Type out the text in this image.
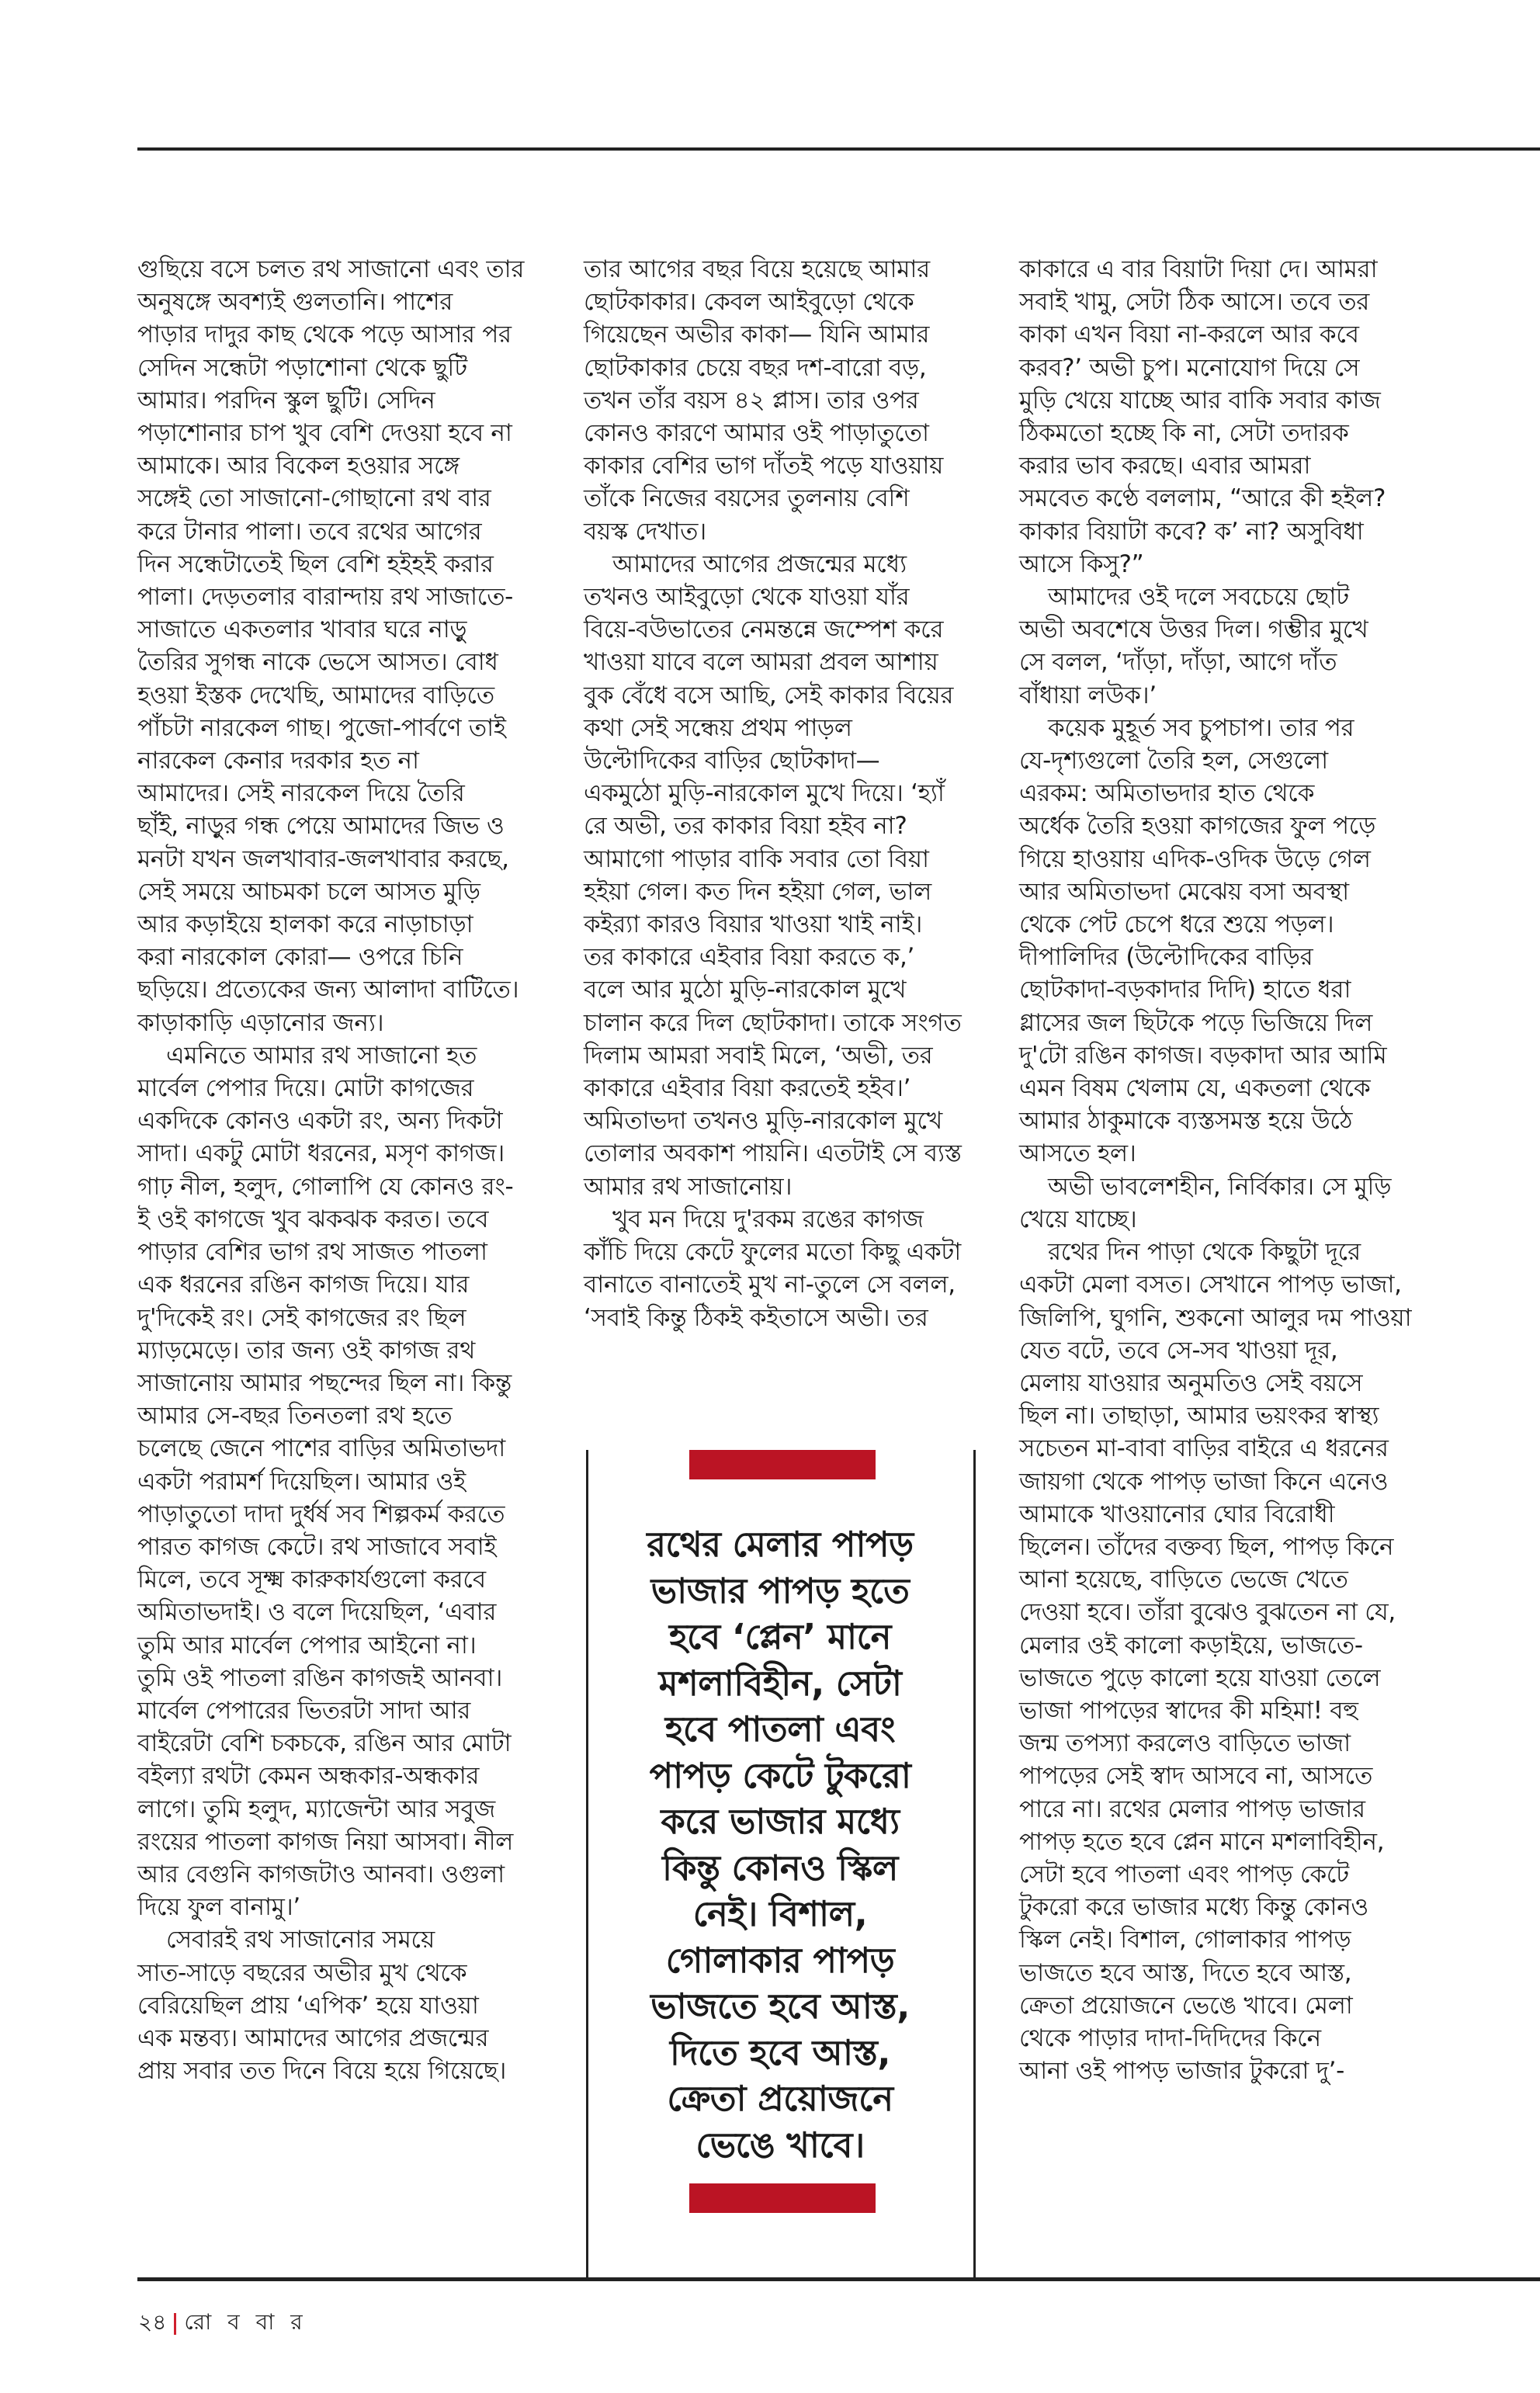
গুছিয়ে বসে চলত রথ সাজানো এবং তার
অনুষঙ্গে অবশ্যই গুলতানি। পাশের
পাড়ার দাদুর কাছ থেকে পড়ে আসার পর
সেদিন সন্ধেটা পড়াশোনা থেকে ছুটি
আমার। পরদিন স্কুল ছুটি। সেদিন
পড়াশোনার চাপ খুব বেশি দেওয়া হবে না
আমাকে। আর বিকেল হওয়ার সঙ্গে
সঙ্গেই তো সাজানো-গোছানো রথ বার
করে টানার পালা। তবে রথের আগের
দিন সন্ধেটাতেই ছিল বেশি হইহই করার
পালা। দেড়তলার বারান্দায় রথ সাজাতে-
সাজাতে একতলার খাবার ঘরে নাড়ু
তৈরির সুগন্ধ নাকে ভেসে আসত। বোধ
হওয়া ইস্তক দেখেছি, আমাদের বাড়িতে
পাঁচটা নারকেল গাছ। পুজো-পার্বণে তাই
নারকেল কেনার দরকার হত না
আমাদের। সেই নারকেল দিয়ে তৈরি
ছাঁই, নাড়ুর গন্ধ পেয়ে আমাদের জিভ ও
মনটা যখন জলখাবার-জলখাবার করছে,
সেই সময়ে আচমকা চলে আসত মুড়ি
আর কড়াইয়ে হালকা করে নাড়াচাড়া
করা নারকোল কোরা— ওপরে চিনি
ছড়িয়ে। প্রত্যেকের জন্য আলাদা বাটিতে।
কাড়াকাড়ি এড়ানোর জন্য।
এমনিতে আমার রথ সাজানো হত
মার্বেল পেপার দিয়ে। মোটা কাগজের
একদিকে কোনও একটা রং, অন্য দিকটা
সাদা। একটু মোটা ধরনের, মসৃণ কাগজ।
গাঢ় নীল, হলুদ, গোলাপি যে কোনও রং-
ই ওই কাগজে খুব ঝকঝক করত। তবে
পাড়ার বেশির ভাগ রথ সাজত পাতলা
এক ধরনের রঙিন কাগজ দিয়ে। যার
দু'দিকেই রং। সেই কাগজের রং ছিল
ম্যাড়মেড়ে। তার জন্য ওই কাগজ রথ
সাজানোয় আমার পছন্দের ছিল না। কিন্তু
আমার সে-বছর তিনতলা রথ হতে
চলেছে জেনে পাশের বাড়ির অমিতাভদা
একটা পরামর্শ দিয়েছিল। আমার ওই
পাড়াতুতো দাদা দুর্ধর্ষ সব শিল্পকর্ম করতে
পারত কাগজ কেটে। রথ সাজাবে সবাই
মিলে, তবে সূক্ষ্ম কারুকার্যগুলো করবে
অমিতাভদাই। ও বলে দিয়েছিল, ‘এবার
তুমি আর মার্বেল পেপার আইনো না।
তুমি ওই পাতলা রঙিন কাগজই আনবা।
মার্বেল পেপারের ভিতরটা সাদা আর
বাইরেটা বেশি চকচকে, রঙিন আর মোটা
বইল্যা রথটা কেমন অন্ধকার-অন্ধকার
লাগে। তুমি হলুদ, ম্যাজেন্টা আর সবুজ
রংয়ের পাতলা কাগজ নিয়া আসবা। নীল
আর বেগুনি কাগজটাও আনবা। ওগুলা
দিয়ে ফুল বানামু।’
সেবারই রথ সাজানোর সময়ে
সাত-সাড়ে বছরের অভীর মুখ থেকে
বেরিয়েছিল প্রায় ‘এপিক’ হয়ে যাওয়া
এক মন্তব্য। আমাদের আগের প্রজন্মের
প্রায় সবার তত দিনে বিয়ে হয়ে গিয়েছে।
তার আগের বছর বিয়ে হয়েছে আমার
ছোটকাকার। কেবল আইবুড়ো থেকে
গিয়েছেন অভীর কাকা— যিনি আমার
ছোটকাকার চেয়ে বছর দশ-বারো বড়,
তখন তাঁর বয়স ৪২ প্লাস। তার ওপর
কোনও কারণে আমার ওই পাড়াতুতো
কাকার বেশির ভাগ দাঁতই পড়ে যাওয়ায়
তাঁকে নিজের বয়সের তুলনায় বেশি
বয়স্ক দেখাত।
আমাদের আগের প্রজন্মের মধ্যে
তখনও আইবুড়ো থেকে যাওয়া যাঁর
বিয়ে-বউভাতের নেমন্তন্নে জম্পেশ করে
খাওয়া যাবে বলে আমরা প্রবল আশায়
বুক বেঁধে বসে আছি, সেই কাকার বিয়ের
কথা সেই সন্ধেয় প্রথম পাড়ল
উল্টোদিকের বাড়ির ছোটকাদা—
একমুঠো মুড়ি-নারকোল মুখে দিয়ে। ‘হ্যাঁ
রে অভী, তর কাকার বিয়া হইব না?
আমাগো পাড়ার বাকি সবার তো বিয়া
হইয়া গেল। কত দিন হইয়া গেল, ভাল
কইর‍্যা কারও বিয়ার খাওয়া খাই নাই।
তর কাকারে এইবার বিয়া করতে ক,’
বলে আর মুঠো মুড়ি-নারকোল মুখে
চালান করে দিল ছোটকাদা। তাকে সংগত
দিলাম আমরা সবাই মিলে, ‘অভী, তর
কাকারে এইবার বিয়া করতেই হইব।’
অমিতাভদা তখনও মুড়ি-নারকোল মুখে
তোলার অবকাশ পায়নি। এতটাই সে ব্যস্ত
আমার রথ সাজানোয়।
খুব মন দিয়ে দু'রকম রঙের কাগজ
কাঁচি দিয়ে কেটে ফুলের মতো কিছু একটা
বানাতে বানাতেই মুখ না-তুলে সে বলল,
‘সবাই কিন্তু ঠিকই কইতাসে অভী। তর
রথের মেলার পাপড়
ভাজার পাপড় হতে
হবে ‘প্লেন’ মানে
মশলাবিহীন, সেটা
হবে পাতলা এবং
পাপড় কেটে টুকরো
করে ভাজার মধ্যে
কিন্তু কোনও স্কিল
নেই। বিশাল,
গোলাকার পাপড়
ভাজতে হবে আস্ত,
দিতে হবে আস্ত,
ক্রেতা প্রয়োজনে
ভেঙে খাবে।
কাকারে এ বার বিয়াটা দিয়া দে। আমরা
সবাই খামু, সেটা ঠিক আসে। তবে তর
কাকা এখন বিয়া না-করলে আর কবে
করব?’ অভী চুপ। মনোযোগ দিয়ে সে
মুড়ি খেয়ে যাচ্ছে আর বাকি সবার কাজ
ঠিকমতো হচ্ছে কি না, সেটা তদারক
করার ভাব করছে। এবার আমরা
সমবেত কণ্ঠে বললাম, “আরে কী হইল?
কাকার বিয়াটা কবে? ক’ না? অসুবিধা
আসে কিসু?”
আমাদের ওই দলে সবচেয়ে ছোট
অভী অবশেষে উত্তর দিল। গম্ভীর মুখে
সে বলল, ‘দাঁড়া, দাঁড়া, আগে দাঁত
বাঁধায়া লউক।’
কয়েক মুহূর্ত সব চুপচাপ। তার পর
যে-দৃশ্যগুলো তৈরি হল, সেগুলো
এরকম: অমিতাভদার হাত থেকে
অর্ধেক তৈরি হওয়া কাগজের ফুল পড়ে
গিয়ে হাওয়ায় এদিক-ওদিক উড়ে গেল
আর অমিতাভদা মেঝেয় বসা অবস্থা
থেকে পেট চেপে ধরে শুয়ে পড়ল।
দীপালিদির (উল্টোদিকের বাড়ির
ছোটকাদা-বড়কাদার দিদি) হাতে ধরা
গ্লাসের জল ছিটকে পড়ে ভিজিয়ে দিল
দু'টো রঙিন কাগজ। বড়কাদা আর আমি
এমন বিষম খেলাম যে, একতলা থেকে
আমার ঠাকুমাকে ব্যস্তসমস্ত হয়ে উঠে
আসতে হল।
অভী ভাবলেশহীন, নির্বিকার। সে মুড়ি
খেয়ে যাচ্ছে।
রথের দিন পাড়া থেকে কিছুটা দূরে
একটা মেলা বসত। সেখানে পাপড় ভাজা,
জিলিপি, ঘুগনি, শুকনো আলুর দম পাওয়া
যেত বটে, তবে সে-সব খাওয়া দূর,
মেলায় যাওয়ার অনুমতিও সেই বয়সে
ছিল না। তাছাড়া, আমার ভয়ংকর স্বাস্থ্য
সচেতন মা-বাবা বাড়ির বাইরে এ ধরনের
জায়গা থেকে পাপড় ভাজা কিনে এনেও
আমাকে খাওয়ানোর ঘোর বিরোধী
ছিলেন। তাঁদের বক্তব্য ছিল, পাপড় কিনে
আনা হয়েছে, বাড়িতে ভেজে খেতে
দেওয়া হবে। তাঁরা বুঝেও বুঝতেন না যে,
মেলার ওই কালো কড়াইয়ে, ভাজতে-
ভাজতে পুড়ে কালো হয়ে যাওয়া তেলে
ভাজা পাপড়ের স্বাদের কী মহিমা! বহু
জন্ম তপস্যা করলেও বাড়িতে ভাজা
পাপড়ের সেই স্বাদ আসবে না, আসতে
পারে না। রথের মেলার পাপড় ভাজার
পাপড় হতে হবে প্লেন মানে মশলাবিহীন,
সেটা হবে পাতলা এবং পাপড় কেটে
টুকরো করে ভাজার মধ্যে কিন্তু কোনও
স্কিল নেই। বিশাল, গোলাকার পাপড়
ভাজতে হবে আস্ত, দিতে হবে আস্ত,
ক্রেতা প্রয়োজনে ভেঙে খাবে। মেলা
থেকে পাড়ার দাদা-দিদিদের কিনে
আনা ওই পাপড় ভাজার টুকরো দু’-
২৪ রো ব বা র
